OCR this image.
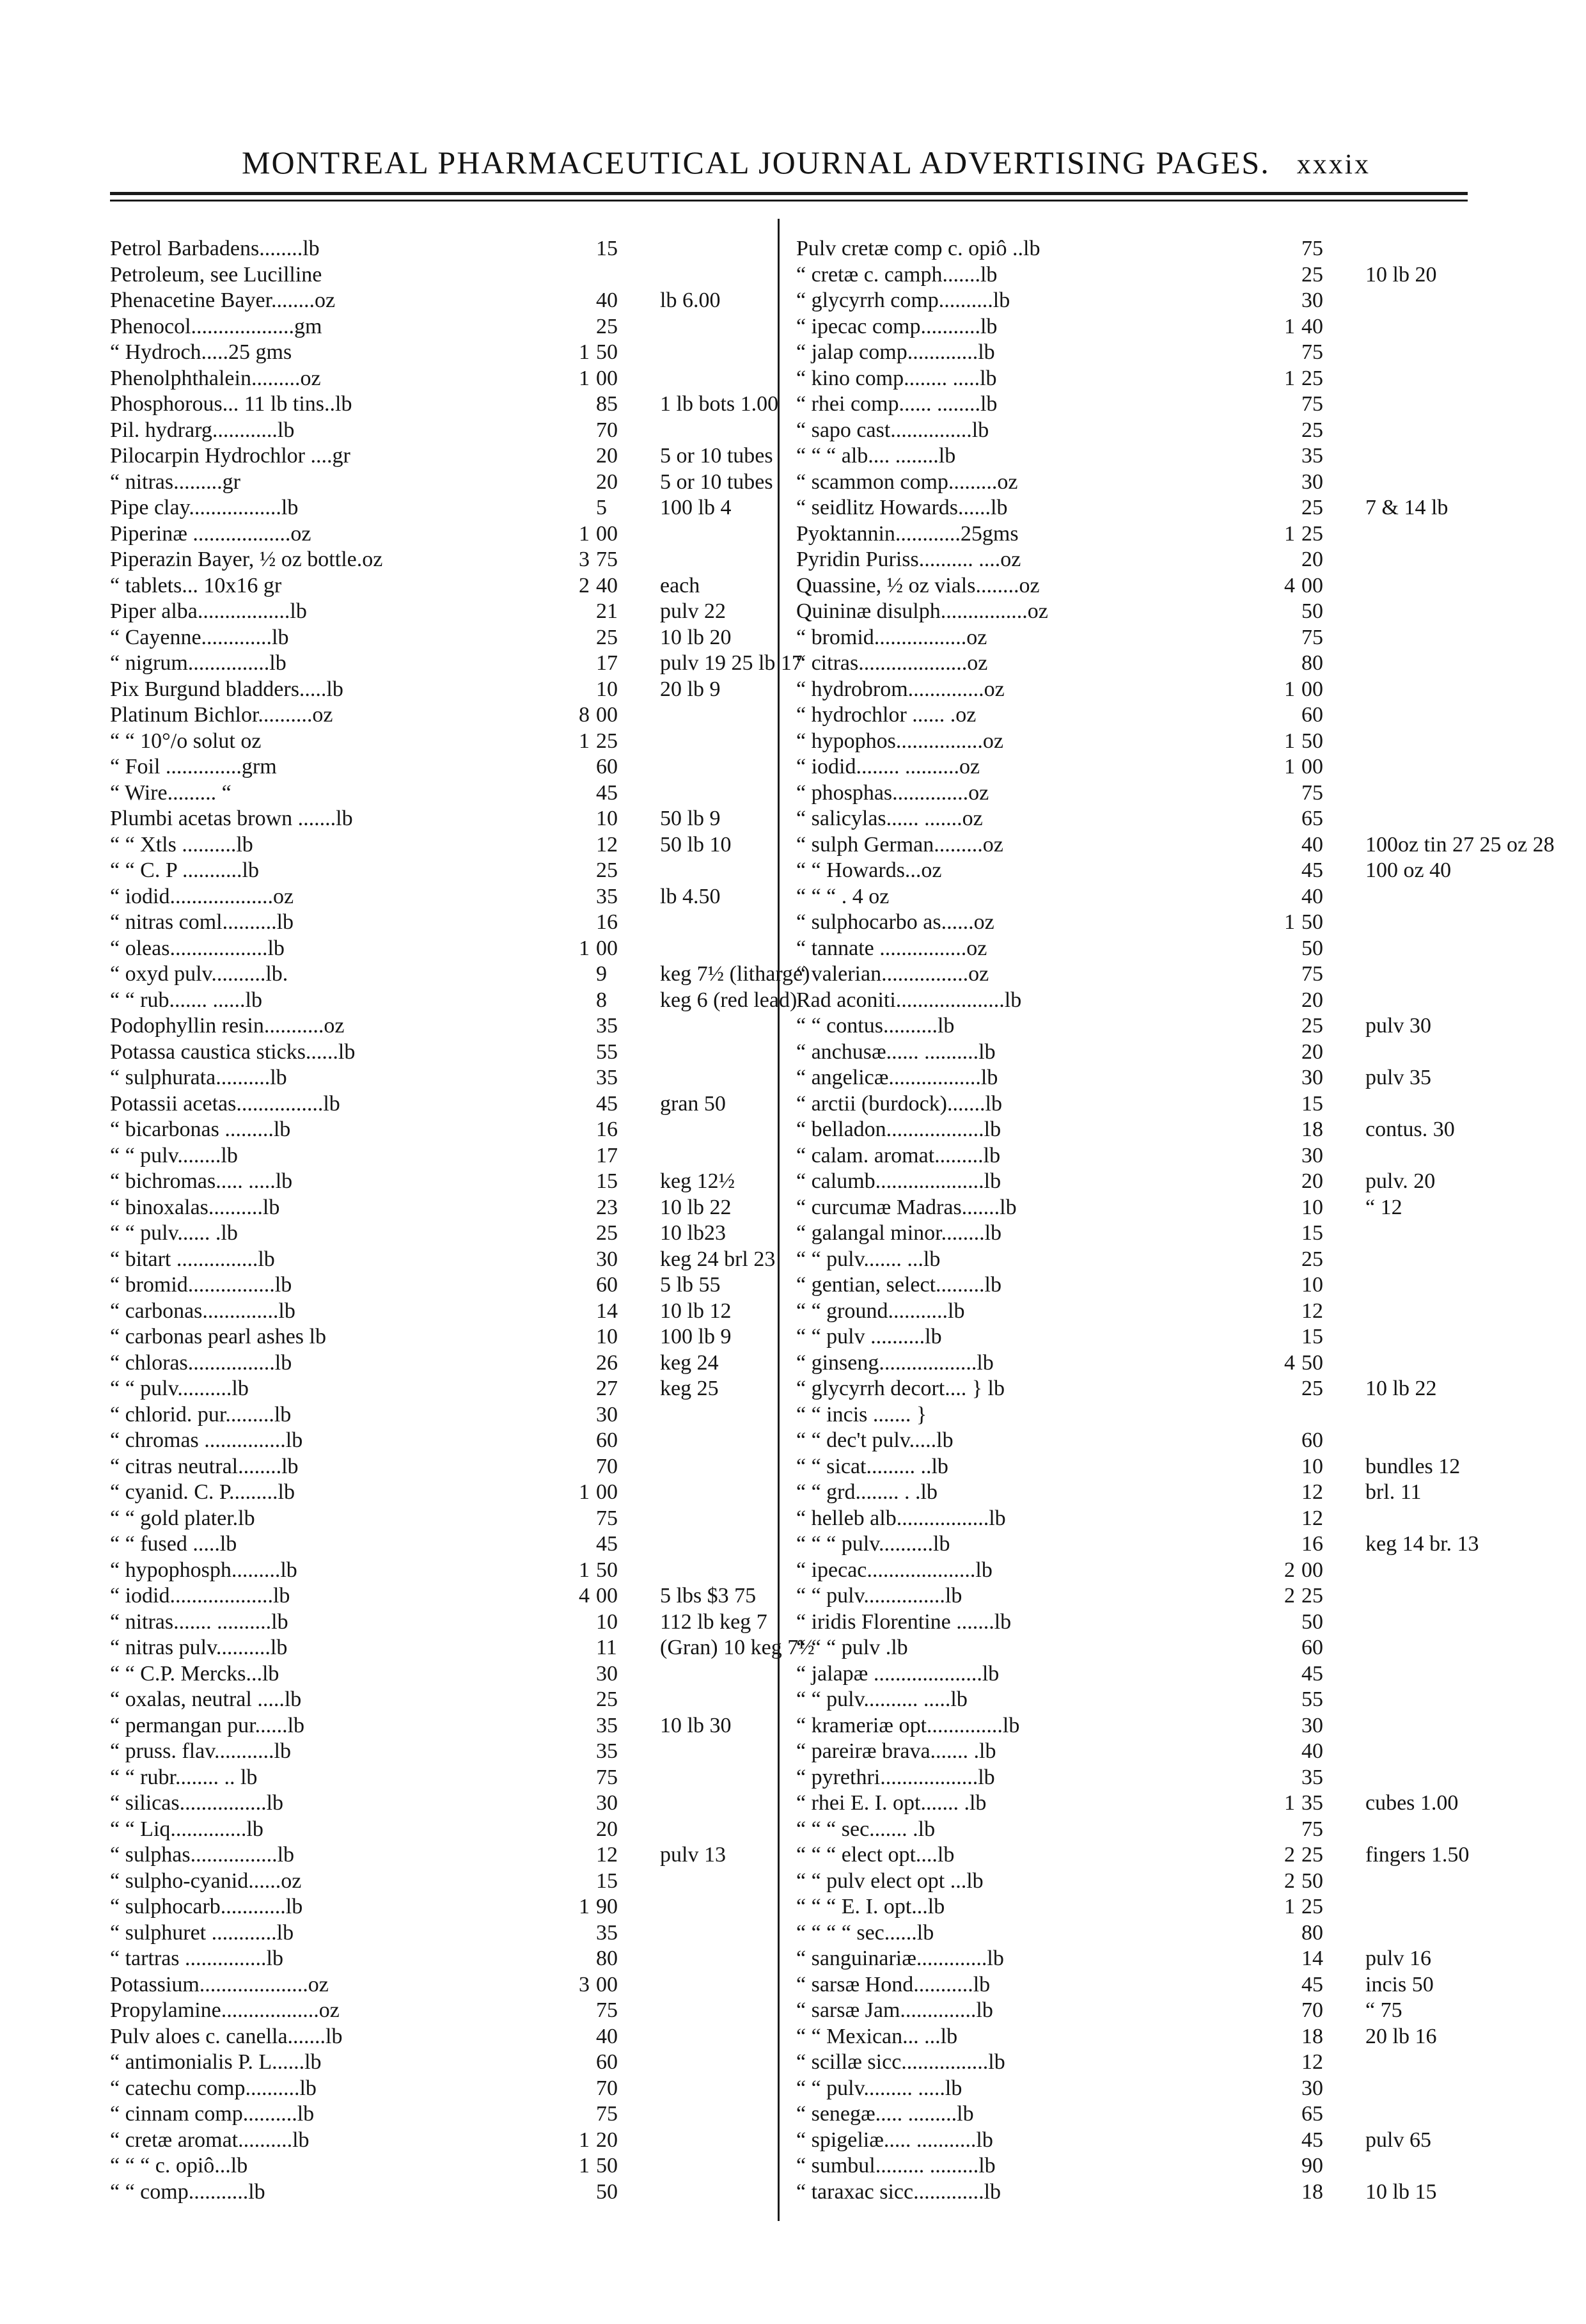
MONTREAL PHARMACEUTICAL JOURNAL ADVERTISING PAGES. xxxix
Petrol Barbadens........lb	15
Petroleum, see Lucilline
Phenacetine Bayer........oz	40 lb 6.00
Phenocol...................gm	25
“ Hydroch.....25 gms	1 50
Phenolphthalein.........oz	1 00
Phosphorous... 11 lb tins..lb	85 1 lb bots 1.00
Pil. hydrarg............lb	70
Pilocarpin Hydrochlor ....gr	20 5 or 10 tubes
“ nitras.........gr	20 5 or 10 tubes
Pipe clay.................lb	5 100 lb 4
Piperinæ ..................oz	1 00
Piperazin Bayer, ½ oz bottle.oz	3 75
“ tablets... 10x16 gr	2 40 each
Piper alba.................lb	21 pulv 22
“ Cayenne.............lb	25 10 lb 20
“ nigrum...............lb	17 pulv 19 25 lb 17
Pix Burgund bladders.....lb	10 20 lb 9
Platinum Bichlor..........oz	8 00
“ “ 10°/o solut oz	1 25
“ Foil ..............grm	60
“ Wire......... “	45
Plumbi acetas brown .......lb	10 50 lb 9
“ “ Xtls ..........lb	12 50 lb 10
“ “ C. P ...........lb	25
“ iodid...................oz	35 lb 4.50
“ nitras coml..........lb	16
“ oleas..................lb	1 00
“ oxyd pulv..........lb.	9 keg 7½ (litharge)
“ “ rub....... ......lb	8 keg 6 (red lead)
Podophyllin resin...........oz	35
Potassa caustica sticks......lb	55
“ sulphurata..........lb	35
Potassii acetas................lb	45 gran 50
“ bicarbonas .........lb	16
“ “ pulv........lb	17
“ bichromas..... .....lb	15 keg 12½
“ binoxalas..........lb	23 10 lb 22
“ “ pulv...... .lb	25 10 lb23
“ bitart ...............lb	30 keg 24 brl 23
“ bromid................lb	60 5 lb 55
“ carbonas..............lb	14 10 lb 12
“ carbonas pearl ashes lb	10 100 lb 9
“ chloras................lb	26 keg 24
“ “ pulv..........lb	27 keg 25
“ chlorid. pur.........lb	30
“ chromas ...............lb	60
“ citras neutral........lb	70
“ cyanid. C. P.........lb	1 00
“ “ gold plater.lb	75
“ “ fused .....lb	45
“ hypophosph.........lb	1 50
“ iodid...................lb	4 00 5 lbs $3 75
“ nitras....... ..........lb	10 112 lb keg 7
“ nitras pulv..........lb	11 (Gran) 10 keg 7½
“ “ C.P. Mercks...lb	30
“ oxalas, neutral .....lb	25
“ permangan pur......lb	35 10 lb 30
“ pruss. flav...........lb	35
“ “ rubr........ .. lb	75
“ silicas................lb	30
“ “ Liq..............lb	20
“ sulphas................lb	12 pulv 13
“ sulpho-cyanid......oz	15
“ sulphocarb............lb	1 90
“ sulphuret ............lb	35
“ tartras ...............lb	80
Potassium....................oz	3 00
Propylamine..................oz	75
Pulv aloes c. canella.......lb	40
“ antimonialis P. L......lb	60
“ catechu comp..........lb	70
“ cinnam comp..........lb	75
“ cretæ aromat..........lb	1 20
“ “ “ c. opiô...lb	1 50
“ “ comp...........lb	50
Pulv cretæ comp c. opiô ..lb	75
“ cretæ c. camph.......lb	25 10 lb 20
“ glycyrrh comp..........lb	30
“ ipecac comp...........lb	1 40
“ jalap comp.............lb	75
“ kino comp........ .....lb	1 25
“ rhei comp...... ........lb	75
“ sapo cast...............lb	25
“ “ “ alb.... ........lb	35
“ scammon comp.........oz	30
“ seidlitz Howards......lb	25 7 & 14 lb
Pyoktannin............25gms	1 25
Pyridin Puriss.......... ....oz	20
Quassine, ½ oz vials........oz	4 00
Quininæ disulph................oz	50
“ bromid.................oz	75
“ citras....................oz	80
“ hydrobrom..............oz	1 00
“ hydrochlor ...... .oz	60
“ hypophos................oz	1 50
“ iodid........ ..........oz	1 00
“ phosphas..............oz	75
“ salicylas...... .......oz	65
“ sulph German.........oz	40 100oz tin 27 25 oz 28
“ “ Howards...oz	45 100 oz 40
“ “ “ . 4 oz	40
“ sulphocarbo as......oz	1 50
“ tannate ................oz	50
“ valerian................oz	75
Rad aconiti....................lb	20
“ “ contus..........lb	25 pulv 30
“ anchusæ...... ..........lb	20
“ angelicæ.................lb	30 pulv 35
“ arctii (burdock).......lb	15
“ belladon..................lb	18 contus. 30
“ calam. aromat.........lb	30
“ calumb....................lb	20 pulv. 20
“ curcumæ Madras.......lb	10 “ 12
“ galangal minor........lb	15
“ “ pulv....... ...lb	25
“ gentian, select.........lb	10
“ “ ground...........lb	12
“ “ pulv ..........lb	15
“ ginseng..................lb	4 50
“ glycyrrh decort.... } lb	25 10 lb 22
“ “ incis ....... }
“ “ dec't pulv.....lb	60
“ “ sicat......... ..lb	10 bundles 12
“ “ grd........ . .lb	12 brl. 11
“ helleb alb.................lb	12
“ “ “ pulv..........lb	16 keg 14 br. 13
“ ipecac....................lb	2 00
“ “ pulv...............lb	2 25
“ iridis Florentine .......lb	50
“ “ “ pulv .lb	60
“ jalapæ ....................lb	45
“ “ pulv.......... .....lb	55
“ krameriæ opt..............lb	30
“ pareiræ brava....... .lb	40
“ pyrethri..................lb	35
“ rhei E. I. opt....... .lb	1 35 cubes 1.00
“ “ “ sec....... .lb	75
“ “ “ elect opt....lb	2 25 fingers 1.50
“ “ pulv elect opt ...lb	2 50
“ “ “ E. I. opt...lb	1 25
“ “ “ “ sec......lb	80
“ sanguinariæ.............lb	14 pulv 16
“ sarsæ Hond...........lb	45 incis 50
“ sarsæ Jam..............lb	70 “ 75
“ “ Mexican... ...lb	18 20 lb 16
“ scillæ sicc................lb	12
“ “ pulv......... .....lb	30
“ senegæ..... .........lb	65
“ spigeliæ..... ...........lb	45 pulv 65
“ sumbul......... .........lb	90
“ taraxac sicc.............lb	18 10 lb 15
